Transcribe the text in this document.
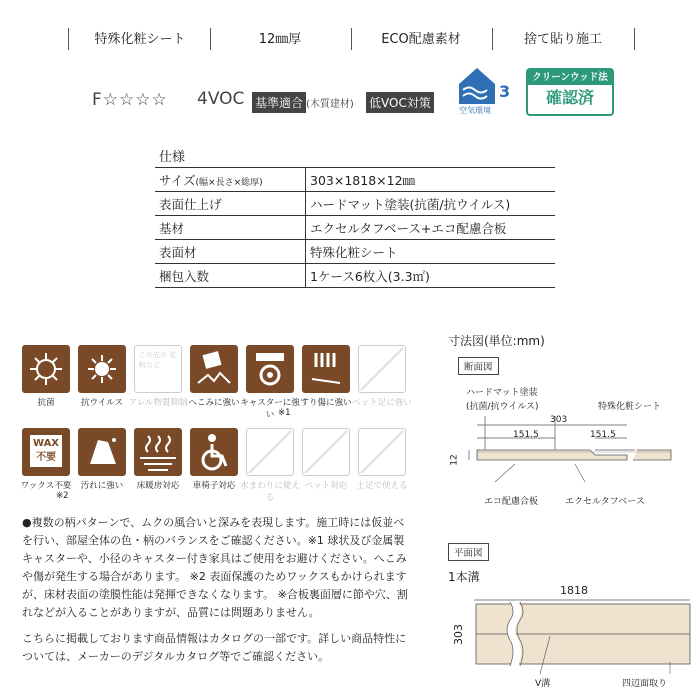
特殊化粧シート	12㎜厚	ECO配慮素材	捨て貼り施工
F☆☆☆☆ 4VOC 基準適合 (木質建材) 低VOC対策
3
空気環境
クリーンウッド法
確認済
仕様
サイズ(幅×長さ×総厚)	303×1818×12㎜
表面仕上げ	ハードマット塗装(抗菌/抗ウイルス)
基材	エクセルタフベース+エコ配慮合板
表面材	特殊化粧シート
梱包入数	1ケース6枚入(3.3㎡)
抗菌	抗ウイルス
この先の 花粉など
アレル物質抑制 へこみに強い キャスターに強い ※1
すり傷に強い ペット足に強い
WAX
不要
ワックス不要
※2
汚れに強い	床暖房対応	車椅子対応 水まわりに使える
ペット対応	土足で使える
●複数の柄パターンで、ムクの風合いと深みを表現します。施工時には仮並べを行い、部屋全体の色・柄のバランスをご確認ください。※1 球状及び金属製キャスターや、小径のキャスター付き家具はご使用をお避けください。へこみや傷が発生する場合があります。 ※2 表面保護のためワックスもかけられますが、床材表面の塗膜性能は発揮できなくなります。 ※合板裏面層に節や穴、割れなどが入ることがありますが、品質には問題ありません。
こちらに掲載しております商品情報はカタログの一部です。詳しい商品特性については、メーカーのデジタルカタログ等でご確認ください。
寸法図(単位:mm)
断面図
ハードマット塗装
(抗菌/抗ウイルス)	特殊化粧シート
303
151.5	151.5
12
エコ配慮合板	エクセルタフベース
平面図
1本溝
1818
303
V溝	四辺面取り
